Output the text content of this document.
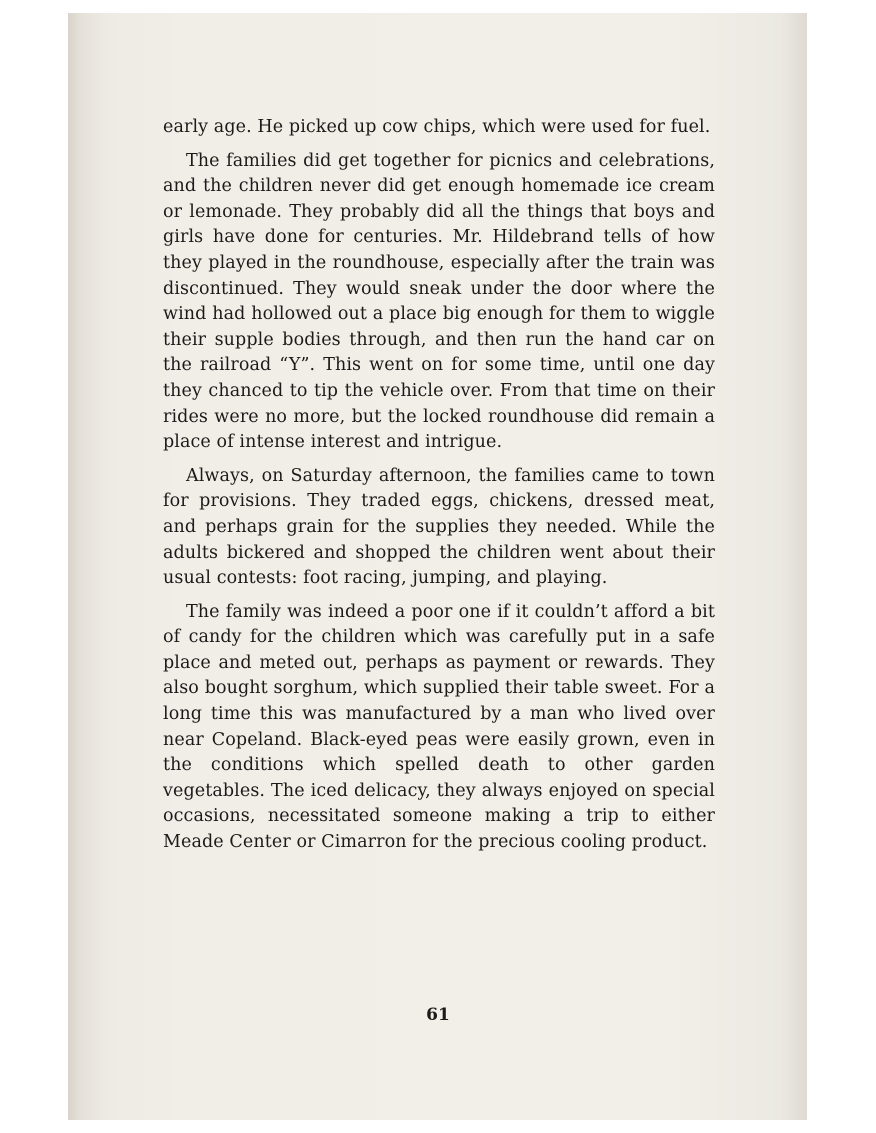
early age. He picked up cow chips, which were used for fuel.

The families did get together for picnics and celebrations, and the children never did get enough homemade ice cream or lemonade. They probably did all the things that boys and girls have done for centuries. Mr. Hildebrand tells of how they played in the roundhouse, especially after the train was discontinued. They would sneak under the door where the wind had hollowed out a place big enough for them to wiggle their supple bodies through, and then run the hand car on the railroad “Y”. This went on for some time, until one day they chanced to tip the vehicle over. From that time on their rides were no more, but the locked roundhouse did remain a place of intense interest and intrigue.

Always, on Saturday afternoon, the families came to town for provisions. They traded eggs, chickens, dressed meat, and perhaps grain for the supplies they needed. While the adults bickered and shopped the children went about their usual contests: foot racing, jumping, and playing.

The family was indeed a poor one if it couldn’t afford a bit of candy for the children which was carefully put in a safe place and meted out, perhaps as payment or rewards. They also bought sorghum, which supplied their table sweet. For a long time this was manufactured by a man who lived over near Copeland. Black-eyed peas were easily grown, even in the conditions which spelled death to other garden vegetables. The iced delicacy, they always enjoyed on special occasions, necessitated someone making a trip to either Meade Center or Cimarron for the precious cooling product.

61
